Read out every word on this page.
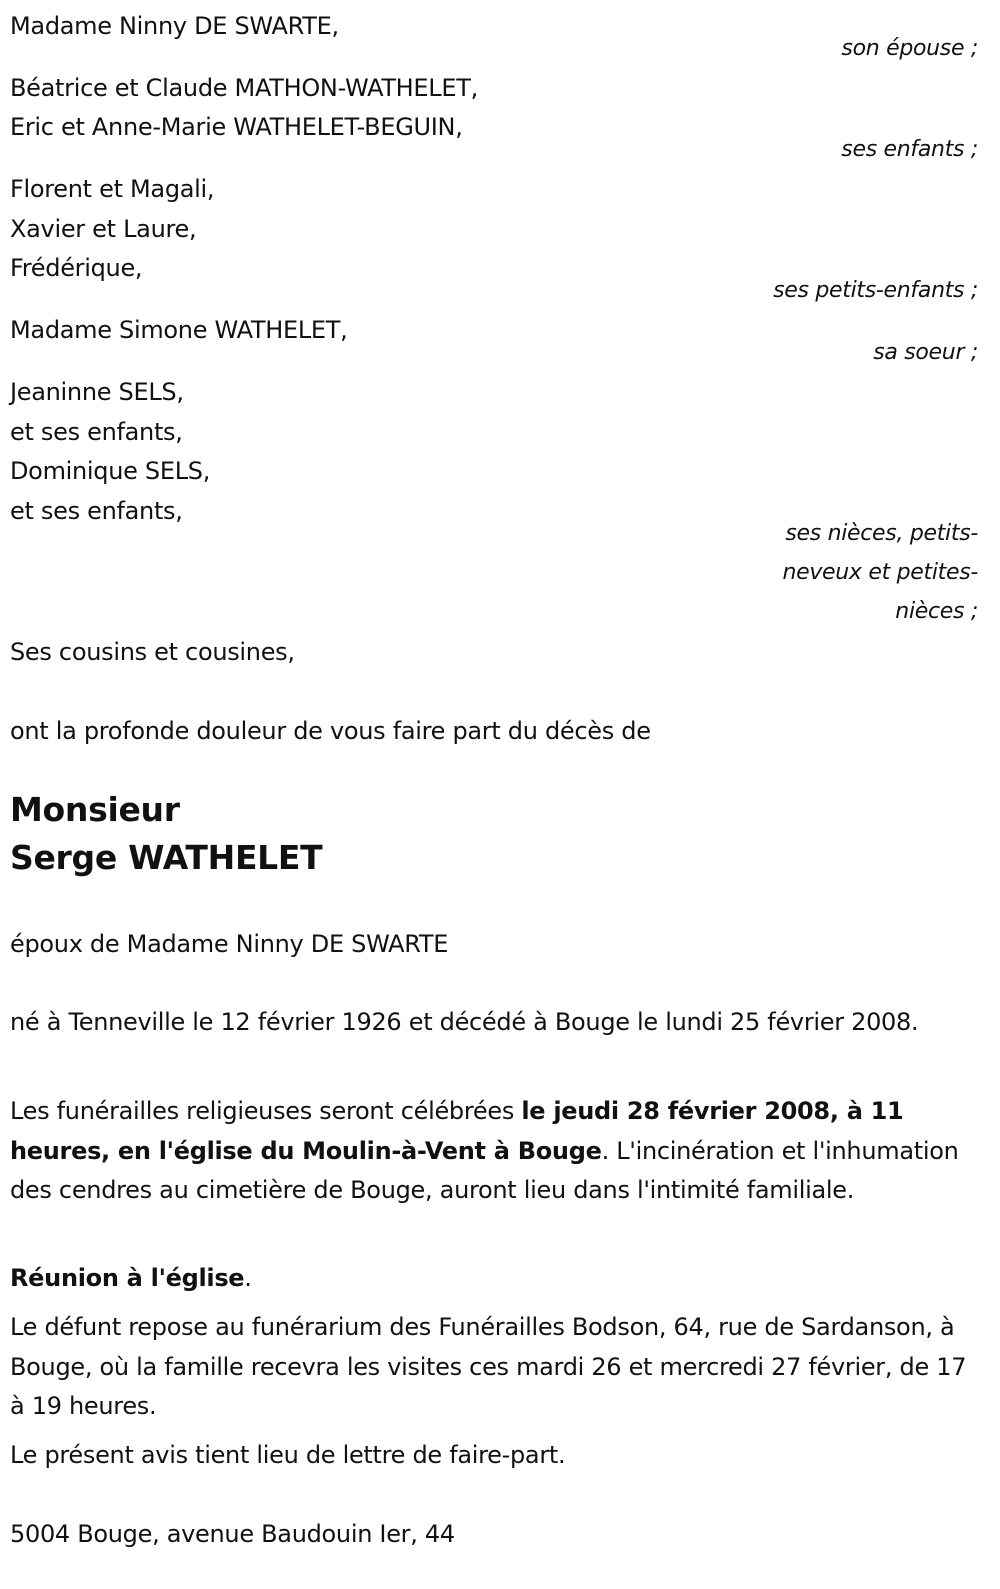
Madame Ninny DE SWARTE,
son épouse ;
Béatrice et Claude MATHON-WATHELET,
Eric et Anne-Marie WATHELET-BEGUIN,
ses enfants ;
Florent et Magali,
Xavier et Laure,
Frédérique,
ses petits-enfants ;
Madame Simone WATHELET,
sa soeur ;
Jeaninne SELS,
et ses enfants,
Dominique SELS,
et ses enfants,
ses nièces, petits-
neveux et petites-
nièces ;
Ses cousins et cousines,
ont la profonde douleur de vous faire part du décès de
Monsieur
Serge WATHELET
époux de Madame Ninny DE SWARTE
né à Tenneville le 12 février 1926 et décédé à Bouge le lundi 25 février 2008.
Les funérailles religieuses seront célébrées le jeudi 28 février 2008, à 11 heures, en l'église du Moulin-à-Vent à Bouge. L'incinération et l'inhumation des cendres au cimetière de Bouge, auront lieu dans l'intimité familiale.
Réunion à l'église.
Le défunt repose au funérarium des Funérailles Bodson, 64, rue de Sardanson, à Bouge, où la famille recevra les visites ces mardi 26 et mercredi 27 février, de 17 à 19 heures.
Le présent avis tient lieu de lettre de faire-part.
5004 Bouge, avenue Baudouin Ier, 44
